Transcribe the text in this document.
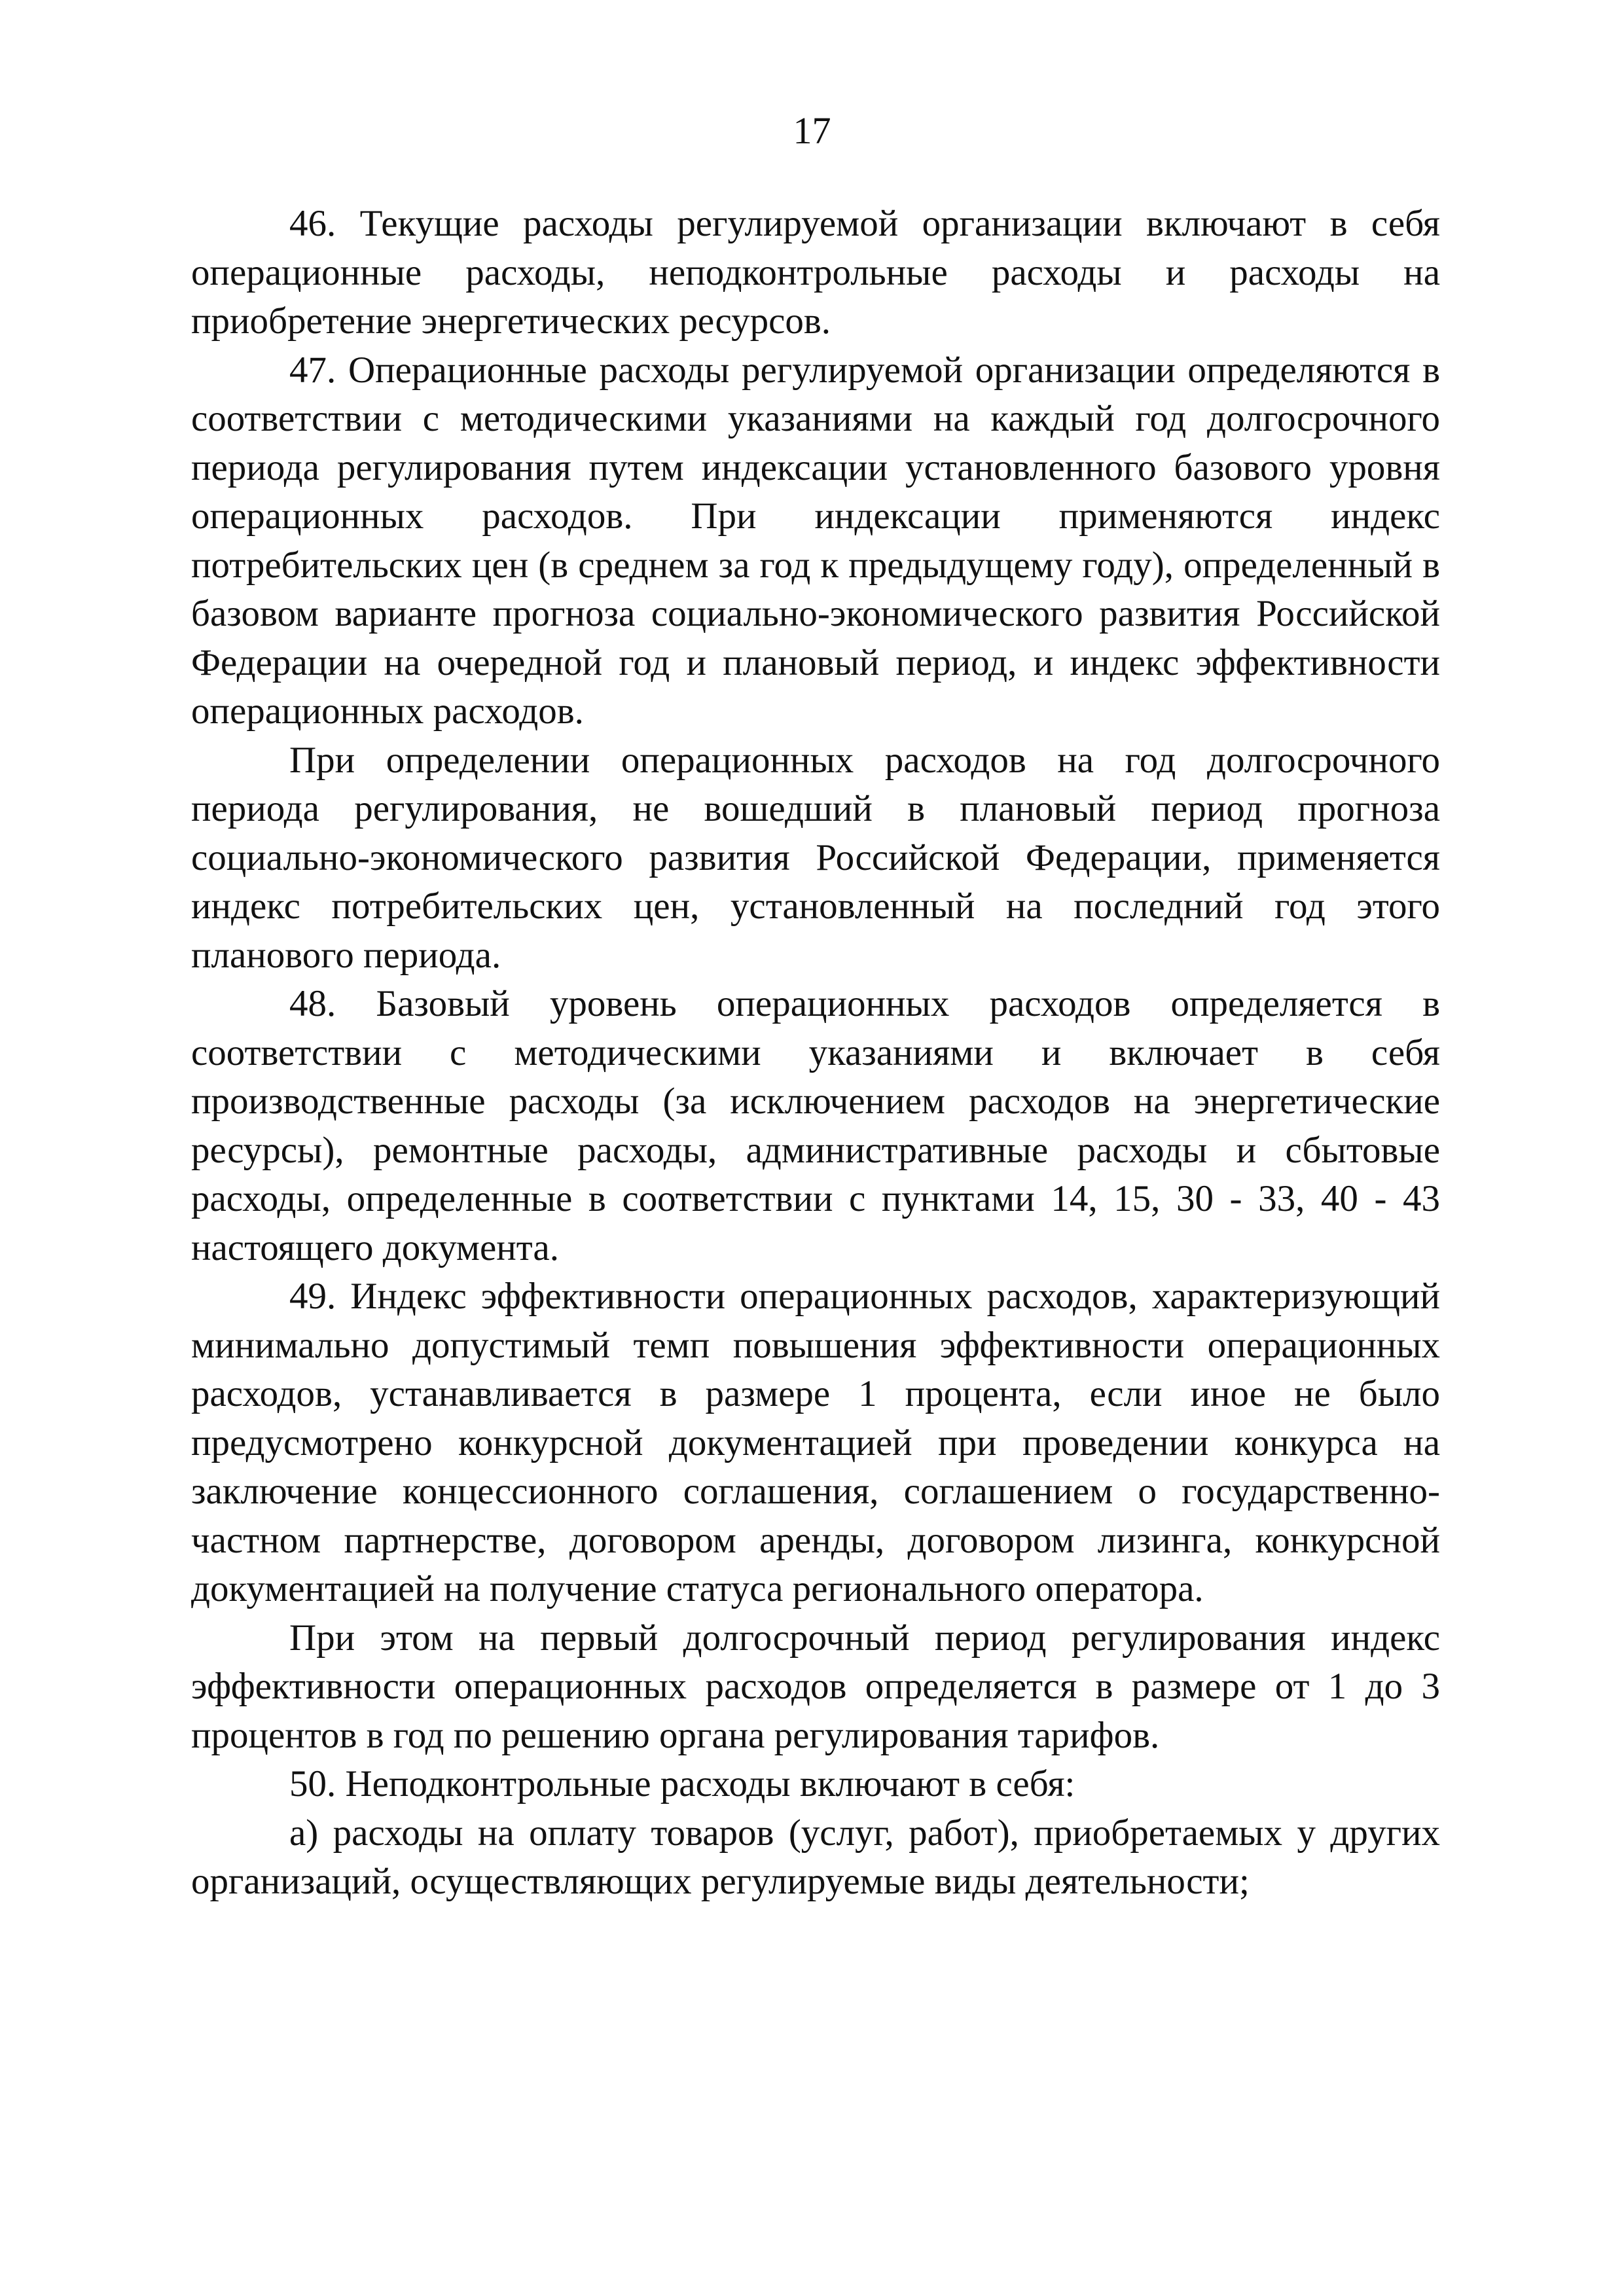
17

46. Текущие расходы регулируемой организации включают в себя операционные расходы, неподконтрольные расходы и расходы на приобретение энергетических ресурсов.

47. Операционные расходы регулируемой организации определяются в соответствии с методическими указаниями на каждый год долгосрочного периода регулирования путем индексации установленного базового уровня операционных расходов. При индексации применяются индекс потребительских цен (в среднем за год к предыдущему году), определенный в базовом варианте прогноза социально-экономического развития Российской Федерации на очередной год и плановый период, и индекс эффективности операционных расходов.

При определении операционных расходов на год долгосрочного периода регулирования, не вошедший в плановый период прогноза социально-экономического развития Российской Федерации, применяется индекс потребительских цен, установленный на последний год этого планового периода.

48. Базовый уровень операционных расходов определяется в соответствии с методическими указаниями и включает в себя производственные расходы (за исключением расходов на энергетические ресурсы), ремонтные расходы, административные расходы и сбытовые расходы, определенные в соответствии с пунктами 14, 15, 30 - 33, 40 - 43 настоящего документа.

49. Индекс эффективности операционных расходов, характеризующий минимально допустимый темп повышения эффективности операционных расходов, устанавливается в размере 1 процента, если иное не было предусмотрено конкурсной документацией при проведении конкурса на заключение концессионного соглашения, соглашением о государственно-частном партнерстве, договором аренды, договором лизинга, конкурсной документацией на получение статуса регионального оператора.

При этом на первый долгосрочный период регулирования индекс эффективности операционных расходов определяется в размере от 1 до 3 процентов в год по решению органа регулирования тарифов.

50. Неподконтрольные расходы включают в себя:

а) расходы на оплату товаров (услуг, работ), приобретаемых у других организаций, осуществляющих регулируемые виды деятельности;
